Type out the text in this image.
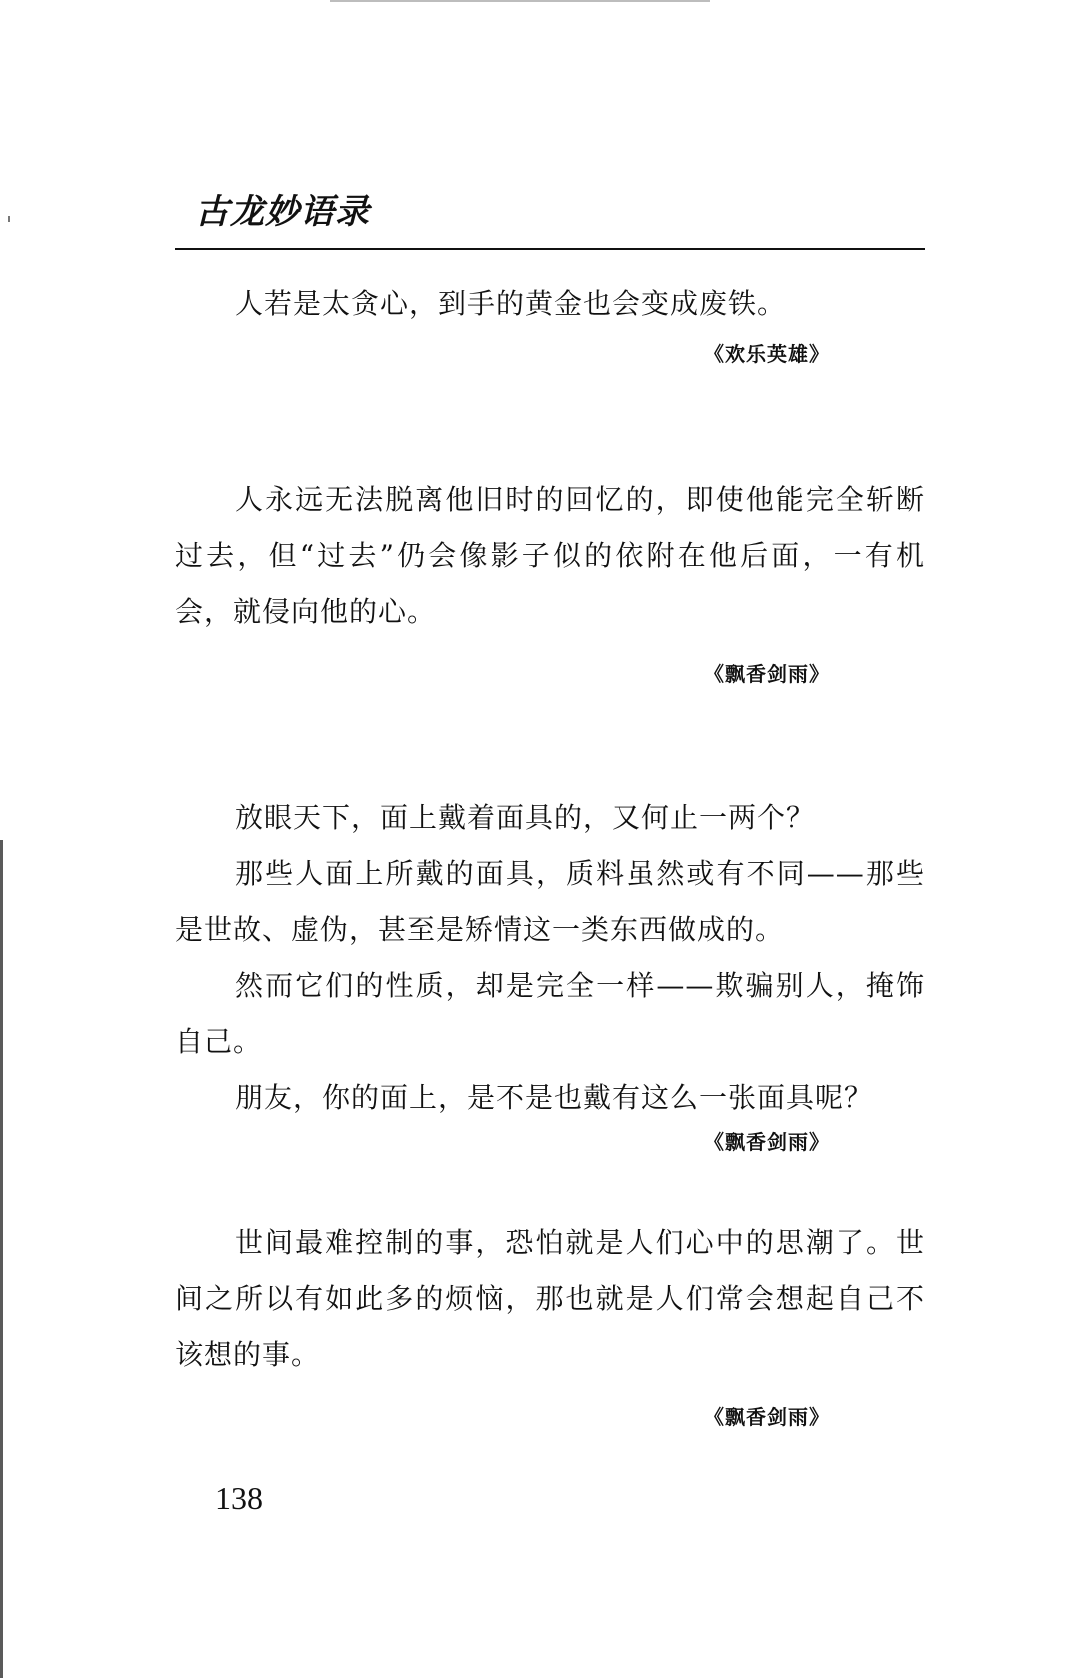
古龙妙语录

人若是太贪心，到手的黄金也会变成废铁。

《欢乐英雄》

人永远无法脱离他旧时的回忆的，即使他能完全斩断过去，但“过去”仍会像影子似的依附在他后面，一有机会，就侵向他的心。

《飘香剑雨》

放眼天下，面上戴着面具的，又何止一两个？

那些人面上所戴的面具，质料虽然或有不同——那些是世故、虚伪，甚至是矫情这一类东西做成的。

然而它们的性质，却是完全一样——欺骗别人，掩饰自己。

朋友，你的面上，是不是也戴有这么一张面具呢？

《飘香剑雨》

世间最难控制的事，恐怕就是人们心中的思潮了。世间之所以有如此多的烦恼，那也就是人们常会想起自己不该想的事。

《飘香剑雨》

138
